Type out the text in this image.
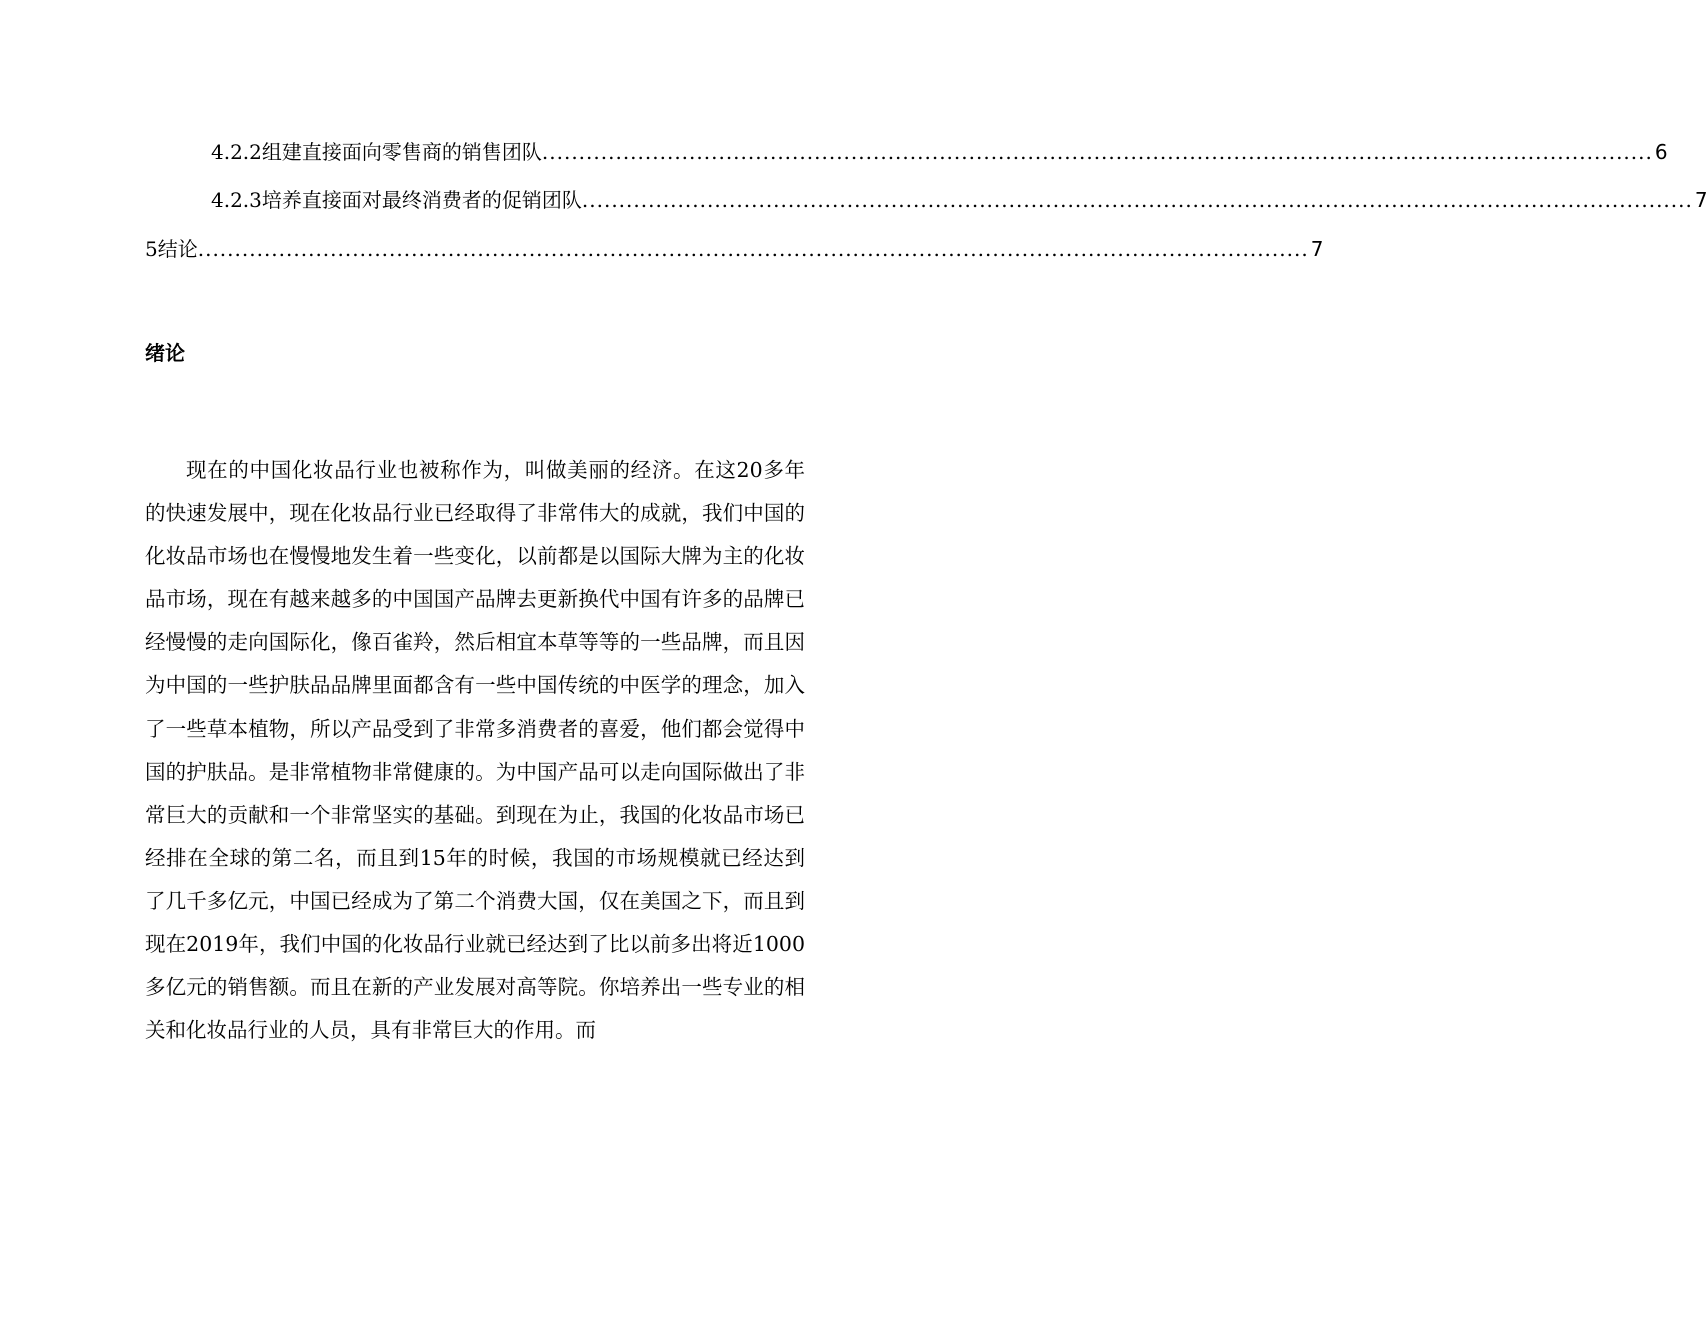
4.2.2组建直接面向零售商的销售团队 ....................................................................................................................................................... 6
4.2.3培养直接面对最终消费者的促销团队 ....................................................................................................................................................... 7
5结论 ....................................................................................................................................................... 7
绪论

现在的中国化妆品行业也被称作为，叫做美丽的经济。在这20多年的快速发展中，现在化妆品行业已经取得了非常伟大的成就，我们中国的化妆品市场也在慢慢地发生着一些变化，以前都是以国际大牌为主的化妆品市场，现在有越来越多的中国国产品牌去更新换代中国有许多的品牌已经慢慢的走向国际化，像百雀羚，然后相宜本草等等的一些品牌，而且因为中国的一些护肤品品牌里面都含有一些中国传统的中医学的理念，加入了一些草本植物，所以产品受到了非常多消费者的喜爱，他们都会觉得中国的护肤品。是非常植物非常健康的。为中国产品可以走向国际做出了非常巨大的贡献和一个非常坚实的基础。到现在为止，我国的化妆品市场已经排在全球的第二名，而且到15年的时候，我国的市场规模就已经达到了几千多亿元，中国已经成为了第二个消费大国，仅在美国之下，而且到现在2019年，我们中国的化妆品行业就已经达到了比以前多出将近1000多亿元的销售额。而且在新的产业发展对高等院。你培养出一些专业的相关和化妆品行业的人员，具有非常巨大的作用。而
